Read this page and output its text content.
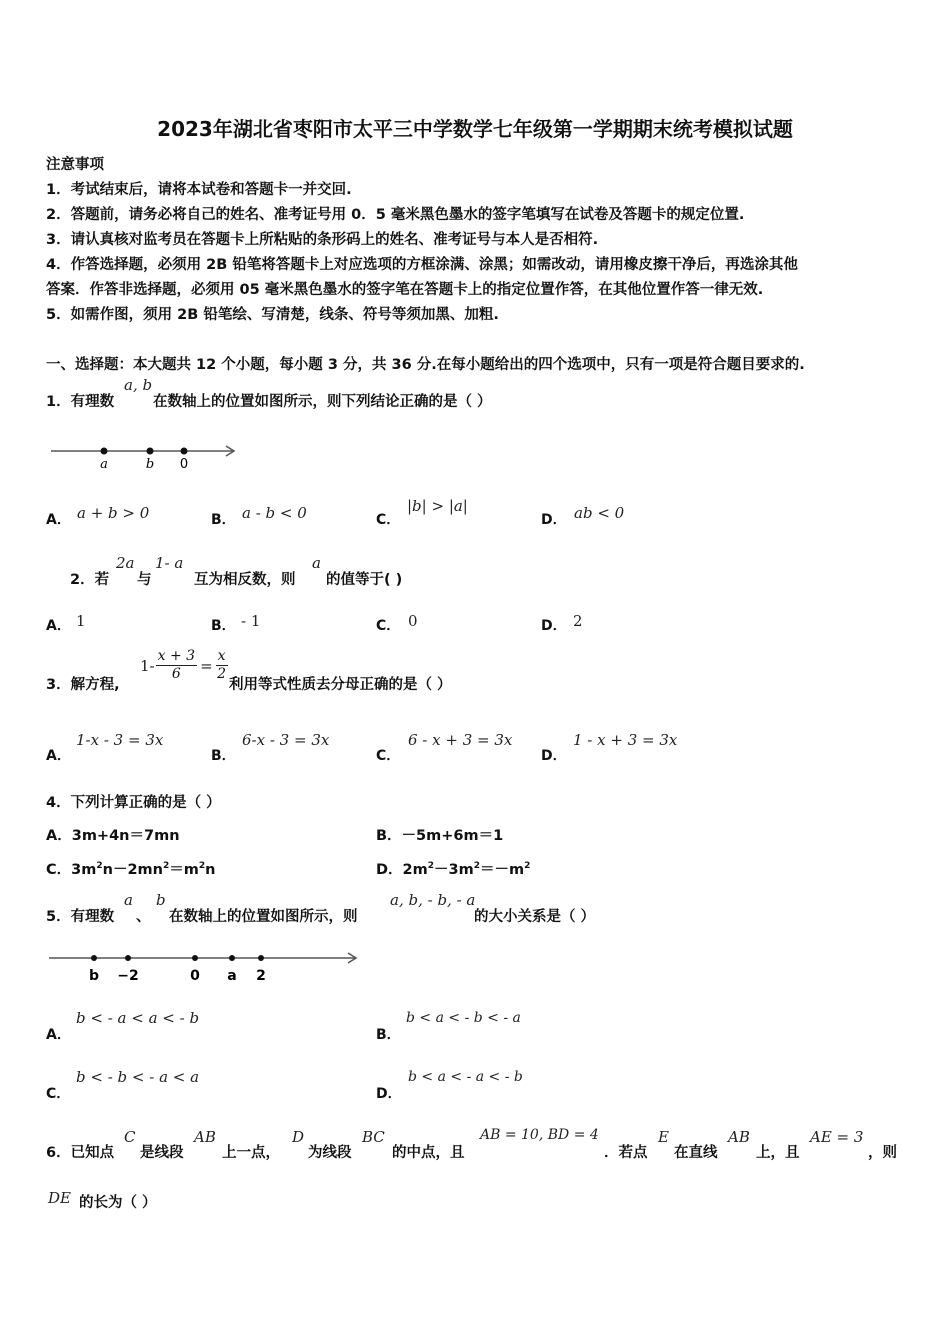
2023年湖北省枣阳市太平三中学数学七年级第一学期期末统考模拟试题
注意事项
1．考试结束后，请将本试卷和答题卡一并交回.
2．答题前，请务必将自己的姓名、准考证号用 0．5 毫米黑色墨水的签字笔填写在试卷及答题卡的规定位置.
3．请认真核对监考员在答题卡上所粘贴的条形码上的姓名、准考证号与本人是否相符.
4．作答选择题，必须用 2B 铅笔将答题卡上对应选项的方框涂满、涂黑；如需改动，请用橡皮擦干净后，再选涂其他
答案．作答非选择题，必须用 05 毫米黑色墨水的签字笔在答题卡上的指定位置作答，在其他位置作答一律无效.
5．如需作图，须用 2B 铅笔绘、写清楚，线条、符号等须加黑、加粗.
一、选择题：本大题共 12 个小题，每小题 3 分，共 36 分.在每小题给出的四个选项中，只有一项是符合题目要求的.
1．有理数
a, b
在数轴上的位置如图所示，则下列结论正确的是（ ）
a	b 0
A． a + b > 0	B． a - b < 0	C．
|b| > |a|
D． ab < 0
2．若
2a
与
1- a
互为相反数，则
a
的值等于( )
A． 1	B． - 1	C． 0	D． 2
3．解方程,
$1- \frac{x + 3}{6} = \frac{x}{2}$
利用等式性质去分母正确的是（ ）
A．
1-x - 3 = 3x
B．
6-x - 3 = 3x
C．
6 - x + 3 = 3x
D．
1 - x + 3 = 3x
4．下列计算正确的是（ ）
A．3m+4n＝7mn	B．－5m+6m＝1
C．$3m^2n-2mn^2=m^2n$	D．$2m^2-3m^2=-m^2$
5．有理数
a
、
b
在数轴上的位置如图所示，则
a, b, - b, - a
的大小关系是（ ）
b −2	0 a 2
A．
b < - a < a < - b
B．
b < a < - b < - a
C．
b < - b < - a < a
D．
b < a < - a < - b
6．已知点
C
是线段
AB
上一点，
D
为线段
BC
的中点，且
AB = 10, BD = 4
．若点
E
在直线
AB
上，且
AE = 3
，则
DE 的长为（ ）
